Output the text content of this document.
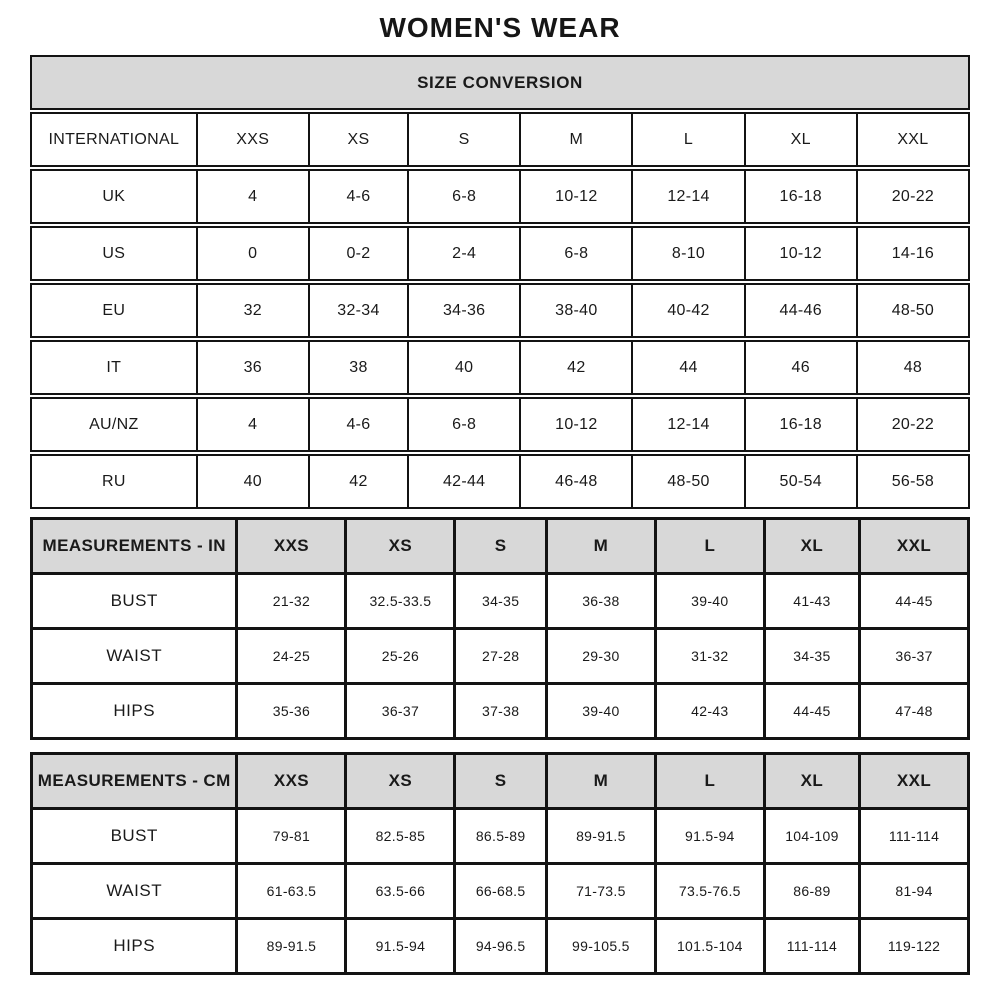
WOMEN'S WEAR
SIZE CONVERSION
INTERNATIONAL	XXS	XS	S	M	L	XL	XXL
UK	4	4-6	6-8	10-12	12-14	16-18	20-22
US	0	0-2	2-4	6-8	8-10	10-12	14-16
EU	32	32-34	34-36	38-40	40-42	44-46	48-50
IT	36	38	40	42	44	46	48
AU/NZ	4	4-6	6-8	10-12	12-14	16-18	20-22
RU	40	42	42-44	46-48	48-50	50-54	56-58
MEASUREMENTS - IN	XXS	XS	S	M	L	XL	XXL
BUST	21-32	32.5-33.5	34-35	36-38	39-40	41-43	44-45
WAIST	24-25	25-26	27-28	29-30	31-32	34-35	36-37
HIPS	35-36	36-37	37-38	39-40	42-43	44-45	47-48
MEASUREMENTS - CM	XXS	XS	S	M	L	XL	XXL
BUST	79-81	82.5-85	86.5-89	89-91.5	91.5-94	104-109	111-114
WAIST	61-63.5	63.5-66	66-68.5	71-73.5	73.5-76.5	86-89	81-94
HIPS	89-91.5	91.5-94	94-96.5	99-105.5	101.5-104	111-114	119-122
